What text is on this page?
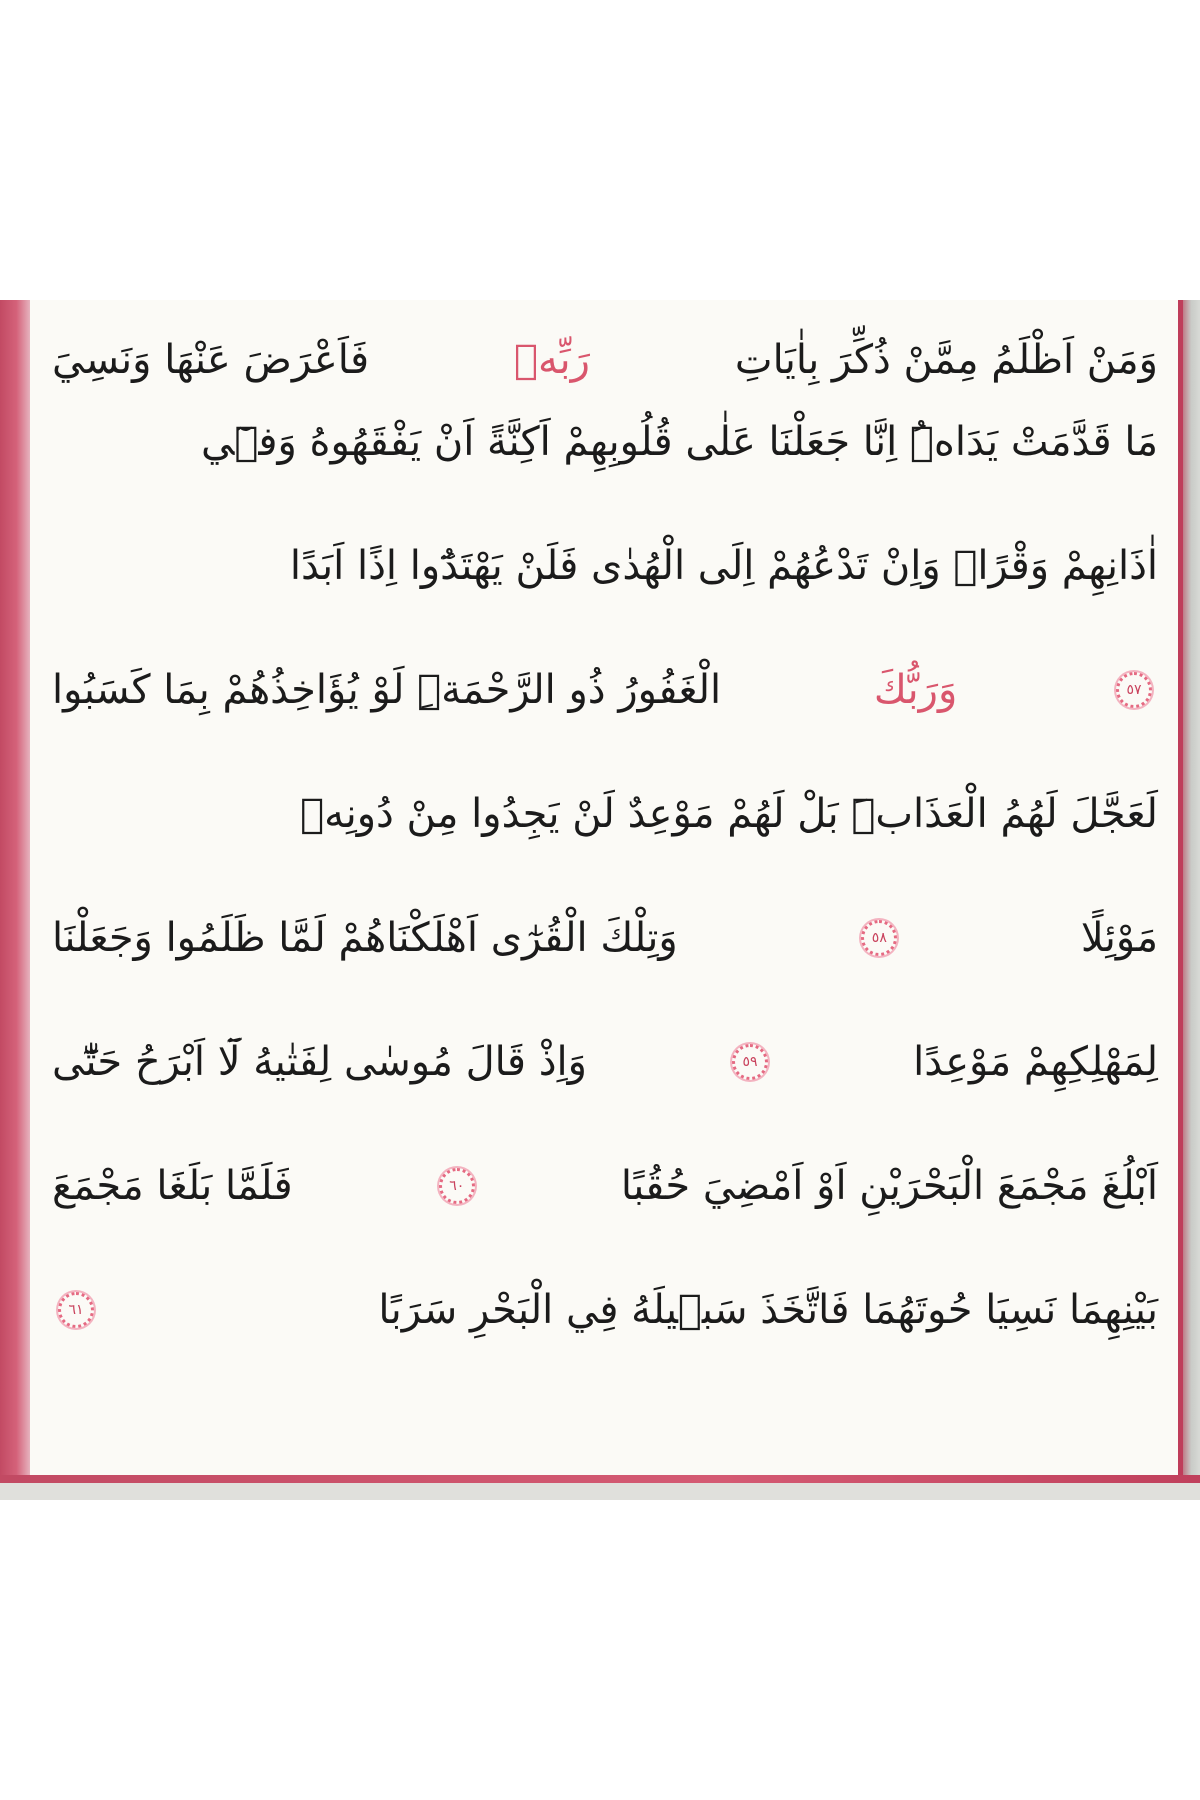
وَمَنْ اَظْلَمُ مِمَّنْ ذُكِّرَ بِاٰيَاتِ
رَبِّه۪
فَاَعْرَضَ عَنْهَا وَنَسِيَ
مَا قَدَّمَتْ يَدَاهُۜ اِنَّا جَعَلْنَا عَلٰى قُلُوبِهِمْ اَكِنَّةً اَنْ يَفْقَهُوهُ وَف۪ٓي
اٰذَانِهِمْ وَقْرًاۜ وَاِنْ تَدْعُهُمْ اِلَى الْهُدٰى فَلَنْ يَهْتَدُٓوا اِذًا اَبَدًا
٥٧
وَرَبُّكَ
الْغَفُورُ ذُو الرَّحْمَةِۜ لَوْ يُؤَاخِذُهُمْ بِمَا كَسَبُوا
لَعَجَّلَ لَهُمُ الْعَذَابَۜ بَلْ لَهُمْ مَوْعِدٌ لَنْ يَجِدُوا مِنْ دُونِه۪
مَوْئِلًا
٥٨
وَتِلْكَ الْقُرٰٓى اَهْلَكْنَاهُمْ لَمَّا ظَلَمُوا وَجَعَلْنَا
لِمَهْلِكِهِمْ مَوْعِدًا
٥٩
وَاِذْ قَالَ مُوسٰى لِفَتٰيهُ لَٓا اَبْرَحُ حَتّٰٓى
اَبْلُغَ مَجْمَعَ الْبَحْرَيْنِ اَوْ اَمْضِيَ حُقُبًا
٦٠
فَلَمَّا بَلَغَا مَجْمَعَ
بَيْنِهِمَا نَسِيَا حُوتَهُمَا فَاتَّخَذَ سَب۪يلَهُ فِي الْبَحْرِ سَرَبًا
٦١
